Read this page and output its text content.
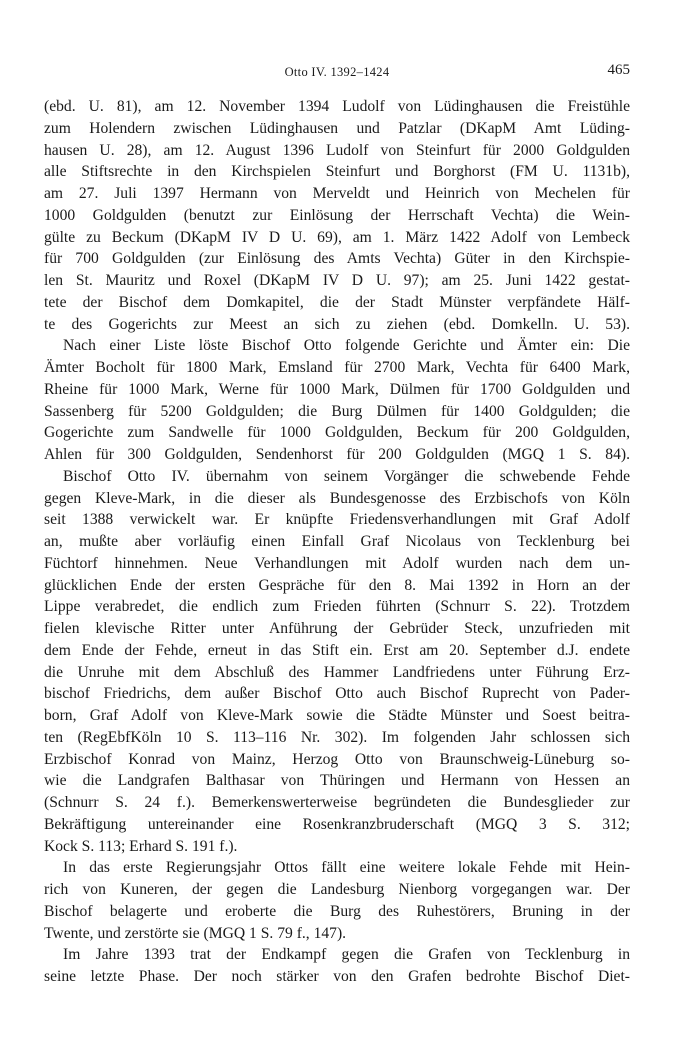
Otto IV. 1392–1424	465
(ebd. U. 81), am 12. November 1394 Ludolf von Lüdinghausen die Freistühle
zum Holendern zwischen Lüdinghausen und Patzlar (DKapM Amt Lüding-
hausen U. 28), am 12. August 1396 Ludolf von Steinfurt für 2000 Goldgulden
alle Stiftsrechte in den Kirchspielen Steinfurt und Borghorst (FM U. 1131b),
am 27. Juli 1397 Hermann von Merveldt und Heinrich von Mechelen für
1000 Goldgulden (benutzt zur Einlösung der Herrschaft Vechta) die Wein-
gülte zu Beckum (DKapM IV D U. 69), am 1. März 1422 Adolf von Lembeck
für 700 Goldgulden (zur Einlösung des Amts Vechta) Güter in den Kirchspie-
len St. Mauritz und Roxel (DKapM IV D U. 97); am 25. Juni 1422 gestat-
tete der Bischof dem Domkapitel, die der Stadt Münster verpfändete Hälf-
te des Gogerichts zur Meest an sich zu ziehen (ebd. Domkelln. U. 53).
Nach einer Liste löste Bischof Otto folgende Gerichte und Ämter ein: Die
Ämter Bocholt für 1800 Mark, Emsland für 2700 Mark, Vechta für 6400 Mark,
Rheine für 1000 Mark, Werne für 1000 Mark, Dülmen für 1700 Goldgulden und
Sassenberg für 5200 Goldgulden; die Burg Dülmen für 1400 Goldgulden; die
Gogerichte zum Sandwelle für 1000 Goldgulden, Beckum für 200 Goldgulden,
Ahlen für 300 Goldgulden, Sendenhorst für 200 Goldgulden (MGQ 1 S. 84).
Bischof Otto IV. übernahm von seinem Vorgänger die schwebende Fehde
gegen Kleve-Mark, in die dieser als Bundesgenosse des Erzbischofs von Köln
seit 1388 verwickelt war. Er knüpfte Friedensverhandlungen mit Graf Adolf
an, mußte aber vorläufig einen Einfall Graf Nicolaus von Tecklenburg bei
Füchtorf hinnehmen. Neue Verhandlungen mit Adolf wurden nach dem un-
glücklichen Ende der ersten Gespräche für den 8. Mai 1392 in Horn an der
Lippe verabredet, die endlich zum Frieden führten (Schnurr S. 22). Trotzdem
fielen klevische Ritter unter Anführung der Gebrüder Steck, unzufrieden mit
dem Ende der Fehde, erneut in das Stift ein. Erst am 20. September d.J. endete
die Unruhe mit dem Abschluß des Hammer Landfriedens unter Führung Erz-
bischof Friedrichs, dem außer Bischof Otto auch Bischof Ruprecht von Pader-
born, Graf Adolf von Kleve-Mark sowie die Städte Münster und Soest beitra-
ten (RegEbfKöln 10 S. 113–116 Nr. 302). Im folgenden Jahr schlossen sich
Erzbischof Konrad von Mainz, Herzog Otto von Braunschweig-Lüneburg so-
wie die Landgrafen Balthasar von Thüringen und Hermann von Hessen an
(Schnurr S. 24 f.). Bemerkenswerterweise begründeten die Bundesglieder zur
Bekräftigung untereinander eine Rosenkranzbruderschaft (MGQ 3 S. 312;
Kock S. 113; Erhard S. 191 f.).
In das erste Regierungsjahr Ottos fällt eine weitere lokale Fehde mit Hein-
rich von Kuneren, der gegen die Landesburg Nienborg vorgegangen war. Der
Bischof belagerte und eroberte die Burg des Ruhestörers, Bruning in der
Twente, und zerstörte sie (MGQ 1 S. 79 f., 147).
Im Jahre 1393 trat der Endkampf gegen die Grafen von Tecklenburg in
seine letzte Phase. Der noch stärker von den Grafen bedrohte Bischof Diet-
